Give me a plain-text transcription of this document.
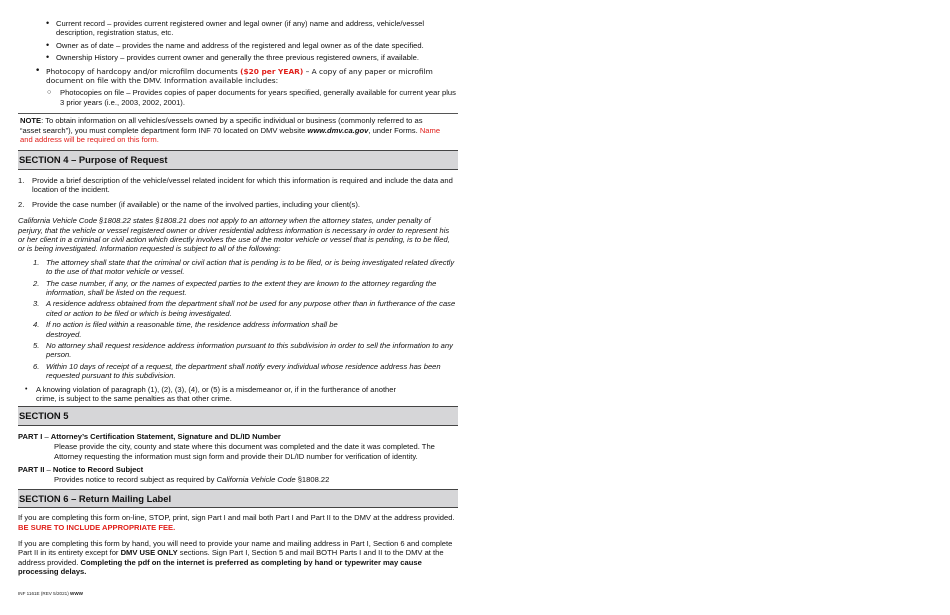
• Current record – provides current registered owner and legal owner (if any) name and address, vehicle/vessel description, registration status, etc.
• Owner as of date – provides the name and address of the registered and legal owner as of the date specified.
• Ownership History – provides current owner and generally the three previous registered owners, if available.
• Photocopy of hardcopy and/or microfilm documents ($20 per YEAR) – A copy of any paper or microfilm document on file with the DMV. Information available includes:
○ Photocopies on file – Provides copies of paper documents for years specified, generally available for current year plus 3 prior years (i.e., 2003, 2002, 2001).

NOTE: To obtain information on all vehicles/vessels owned by a specific individual or business (commonly referred to as “asset search”), you must complete department form INF 70 located on DMV website www.dmv.ca.gov, under Forms. Name and address will be required on this form.

SECTION 4 – Purpose of Request
1. Provide a brief description of the vehicle/vessel related incident for which this information is required and include the data and location of the incident.
2. Provide the case number (if available) or the name of the involved parties, including your client(s).

California Vehicle Code §1808.22 states §1808.21 does not apply to an attorney when the attorney states, under penalty of perjury, that the vehicle or vessel registered owner or driver residential address information is necessary in order to represent his or her client in a criminal or civil action which directly involves the use of the motor vehicle or vessel that is pending, is to be filed, or is being investigated. Information requested is subject to all of the following:

1. The attorney shall state that the criminal or civil action that is pending is to be filed, or is being investigated related directly to the use of that motor vehicle or vessel.
2. The case number, if any, or the names of expected parties to the extent they are known to the attorney regarding the information, shall be listed on the request.
3. A residence address obtained from the department shall not be used for any purpose other than in furtherance of the case cited or action to be filed or which is being investigated.
4. If no action is filed within a reasonable time, the residence address information shall be destroyed.
5. No attorney shall request residence address information pursuant to this subdivision in order to sell the information to any person.
6. Within 10 days of receipt of a request, the department shall notify every individual whose residence address has been requested pursuant to this subdivision.
• A knowing violation of paragraph (1), (2), (3), (4), or (5) is a misdemeanor or, if in the furtherance of another crime, is subject to the same penalties as that other crime.
SECTION 5

PART I – Attorney’s Certification Statement, Signature and DL/ID Number

Please provide the city, county and state where this document was completed and the date it was completed. The Attorney requesting the information must sign form and provide their DL/ID number for verification of identity.

PART II – Notice to Record Subject

Provides notice to record subject as required by California Vehicle Code §1808.22

SECTION 6 – Return Mailing Label

If you are completing this form on-line, STOP, print, sign Part I and mail both Part I and Part II to the DMV at the address provided. BE SURE TO INCLUDE APPROPRIATE FEE.

If you are completing this form by hand, you will need to provide your name and mailing address in Part I, Section 6 and complete Part II in its entirety except for DMV USE ONLY sections. Sign Part I, Section 5 and mail BOTH Parts I and II to the DMV at the address provided. Completing the pdf on the internet is preferred as completing by hand or typewriter may cause processing delays.

INF 1161E (REV 5/2021) WWW
